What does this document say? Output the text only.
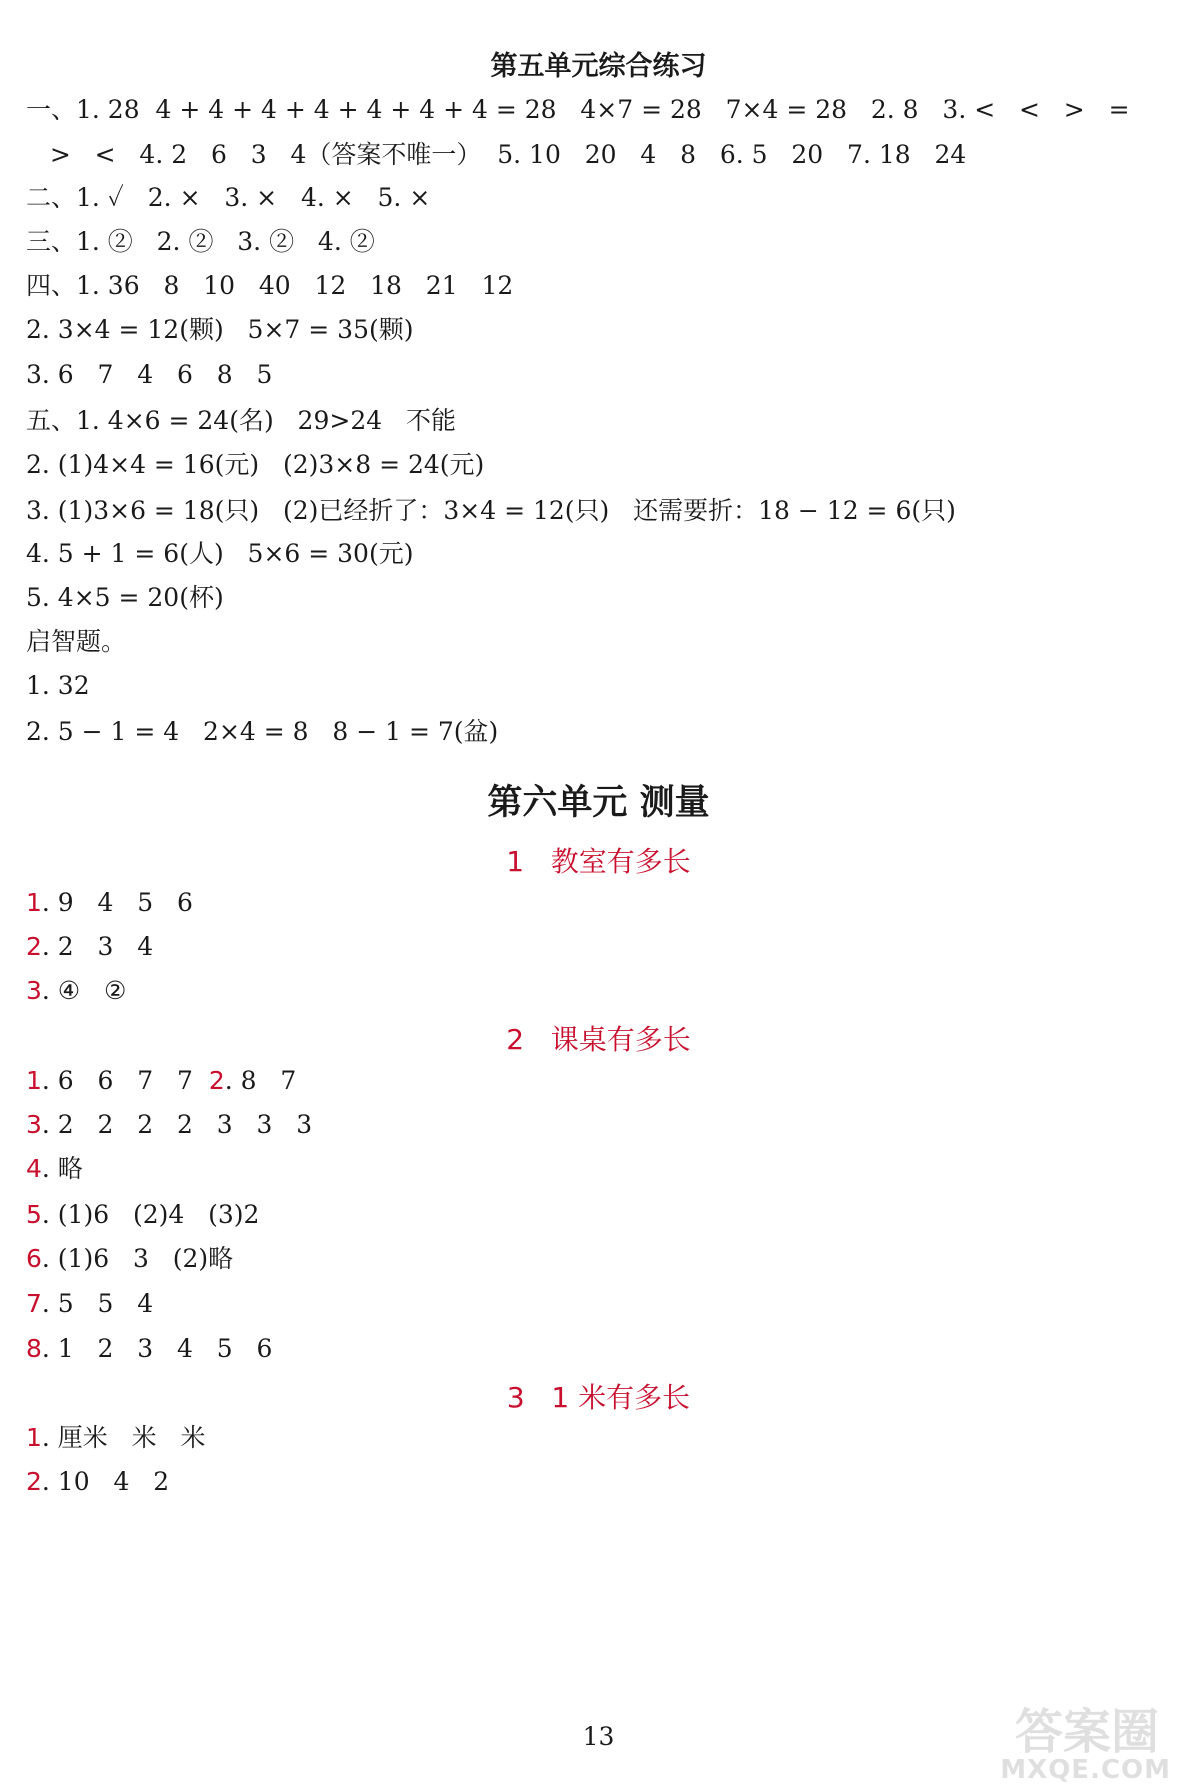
第五单元综合练习
一、1. 28  4 + 4 + 4 + 4 + 4 + 4 + 4 = 28   4×7 = 28   7×4 = 28   2. 8   3. <   <   >   =
>   <   4. 2   6   3   4（答案不唯一）  5. 10   20   4   8   6. 5   20   7. 18   24
二、1. ✓   2. ×   3. ×   4. ×   5. ×
三、1. ②   2. ②   3. ②   4. ②
四、1. 36   8   10   40   12   18   21   12
2. 3×4 = 12(颗)   5×7 = 35(颗)
3. 6   7   4   6   8   5
五、1. 4×6 = 24(名)   29>24   不能
2. (1)4×4 = 16(元)   (2)3×8 = 24(元)
3. (1)3×6 = 18(只)   (2)已经折了：3×4 = 12(只)   还需要折：18 − 12 = 6(只)
4. 5 + 1 = 6(人)   5×6 = 30(元)
5. 4×5 = 20(杯)
启智题。
1. 32
2. 5 − 1 = 4   2×4 = 8   8 − 1 = 7(盆)
第六单元 测量
1 教室有多长
1. 9   4   5   6
2. 2   3   4
3. ④   ②
2 课桌有多长
1. 6   6   7   7  2. 8   7
3. 2   2   2   2   3   3   3
4. 略
5. (1)6   (2)4   (3)2
6. (1)6   3   (2)略
7. 5   5   4
8. 1   2   3   4   5   6
3 1 米有多长
1. 厘米   米   米
2. 10   4   2
13	答案圈
MXQE.COM
